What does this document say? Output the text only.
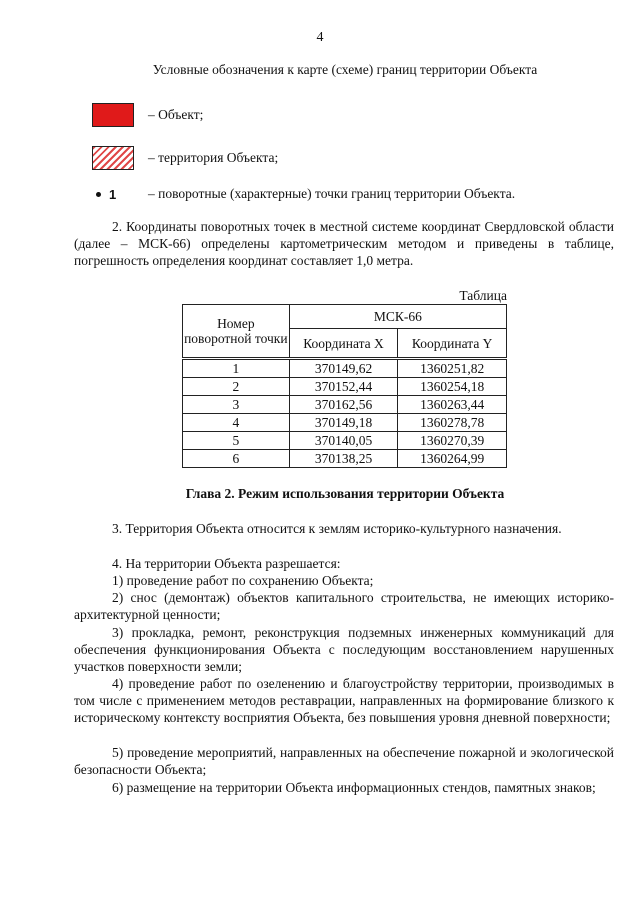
4
Условные обозначения к карте (схеме) границ территории Объекта
– Объект;
– территория Объекта;
1 – поворотные (характерные) точки границ территории Объекта.
2. Координаты поворотных точек в местной системе координат Свердловской области (далее – МСК-66) определены картометрическим методом и приведены в таблице, погрешность определения координат составляет 1,0 метра.
Таблица
Номер поворотной точки	МСК-66	
	Координата X	Координата Y
1	370149,62	1360251,82
2	370152,44	1360254,18
3	370162,56	1360263,44
4	370149,18	1360278,78
5	370140,05	1360270,39
6	370138,25	1360264,99
Глава 2. Режим использования территории Объекта
3. Территория Объекта относится к землям историко-культурного назначения.
4. На территории Объекта разрешается:
1) проведение работ по сохранению Объекта;
2) снос (демонтаж) объектов капитального строительства, не имеющих историко-архитектурной ценности;
3) прокладка, ремонт, реконструкция подземных инженерных коммуникаций для обеспечения функционирования Объекта с последующим восстановлением нарушенных участков поверхности земли;
4) проведение работ по озеленению и благоустройству территории, производимых в том числе с применением методов реставрации, направленных на формирование близкого к историческому контексту восприятия Объекта, без повышения уровня дневной поверхности;
5) проведение мероприятий, направленных на обеспечение пожарной и экологической безопасности Объекта;
6) размещение на территории Объекта информационных стендов, памятных знаков;
